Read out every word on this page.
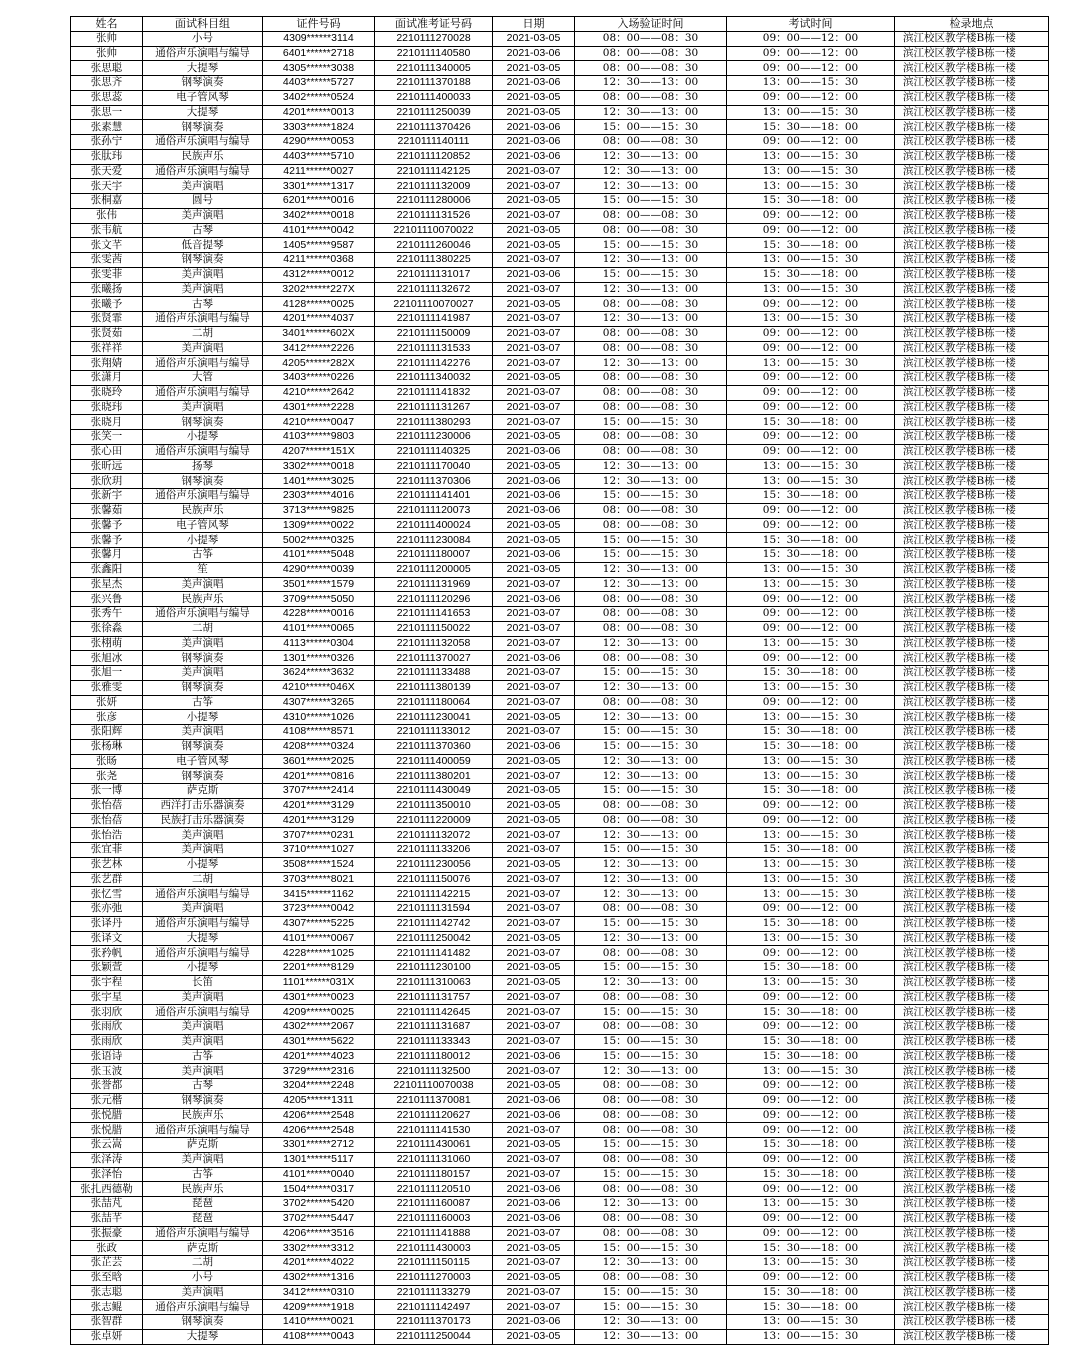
姓名	面试科目组	证件号码	面试准考证号码	日期	入场验证时间	考试时间	检录地点
张帅	小号	4309******3114	2210111270028	2021-03-05	08：00——08：30	09：00——12：00	滨江校区教学楼B栋一楼
张帅	通俗声乐演唱与编导	6401******2718	2210111140580	2021-03-06	08：00——08：30	09：00——12：00	滨江校区教学楼B栋一楼
张思聪	大提琴	4305******3038	2210111340005	2021-03-05	08：00——08：30	09：00——12：00	滨江校区教学楼B栋一楼
张思齐	钢琴演奏	4403******5727	2210111370188	2021-03-06	12：30——13：00	13：00——15：30	滨江校区教学楼B栋一楼
张思蕊	电子管风琴	3402******0524	2210111400033	2021-03-05	08：00——08：30	09：00——12：00	滨江校区教学楼B栋一楼
张思一	大提琴	4201******0013	2210111250039	2021-03-05	12：30——13：00	13：00——15：30	滨江校区教学楼B栋一楼
张素慧	钢琴演奏	3303******1824	2210111370426	2021-03-06	15：00——15：30	15：30——18：00	滨江校区教学楼B栋一楼
张孙宁	通俗声乐演唱与编导	4290******0053	2210111140111	2021-03-06	08：00——08：30	09：00——12：00	滨江校区教学楼B栋一楼
张肽玮	民族声乐	4403******5710	2210111120852	2021-03-06	12：30——13：00	13：00——15：30	滨江校区教学楼B栋一楼
张天爱	通俗声乐演唱与编导	4211******0027	2210111142125	2021-03-07	12：30——13：00	13：00——15：30	滨江校区教学楼B栋一楼
张天宇	美声演唱	3301******1317	2210111132009	2021-03-07	12：30——13：00	13：00——15：30	滨江校区教学楼B栋一楼
张桐嘉	圆号	6201******0016	2210111280006	2021-03-05	15：00——15：30	15：30——18：00	滨江校区教学楼B栋一楼
张伟	美声演唱	3402******0018	2210111131526	2021-03-07	08：00——08：30	09：00——12：00	滨江校区教学楼B栋一楼
张韦航	古琴	4101******0042	22101110070022	2021-03-05	08：00——08：30	09：00——12：00	滨江校区教学楼B栋一楼
张文芊	低音提琴	1405******9587	2210111260046	2021-03-05	15：00——15：30	15：30——18：00	滨江校区教学楼B栋一楼
张雯茜	钢琴演奏	4211******0368	2210111380225	2021-03-07	12：30——13：00	13：00——15：30	滨江校区教学楼B栋一楼
张雯菲	美声演唱	4312******0012	2210111131017	2021-03-06	15：00——15：30	15：30——18：00	滨江校区教学楼B栋一楼
张曦扬	美声演唱	3202******227X	2210111132672	2021-03-07	12：30——13：00	13：00——15：30	滨江校区教学楼B栋一楼
张曦予	古琴	4128******0025	22101110070027	2021-03-05	08：00——08：30	09：00——12：00	滨江校区教学楼B栋一楼
张贤霏	通俗声乐演唱与编导	4201******4037	2210111141987	2021-03-07	12：30——13：00	13：00——15：30	滨江校区教学楼B栋一楼
张贤茹	二胡	3401******602X	2210111150009	2021-03-07	08：00——08：30	09：00——12：00	滨江校区教学楼B栋一楼
张祥祥	美声演唱	3412******2226	2210111131533	2021-03-07	08：00——08：30	09：00——12：00	滨江校区教学楼B栋一楼
张翔婧	通俗声乐演唱与编导	4205******282X	2210111142276	2021-03-07	12：30——13：00	13：00——15：30	滨江校区教学楼B栋一楼
张潇月	大管	3403******0226	2210111340032	2021-03-05	08：00——08：30	09：00——12：00	滨江校区教学楼B栋一楼
张晓玲	通俗声乐演唱与编导	4210******2642	2210111141832	2021-03-07	08：00——08：30	09：00——12：00	滨江校区教学楼B栋一楼
张晓玮	美声演唱	4301******2228	2210111131267	2021-03-07	08：00——08：30	09：00——12：00	滨江校区教学楼B栋一楼
张晓月	钢琴演奏	4210******0047	2210111380293	2021-03-07	15：00——15：30	15：30——18：00	滨江校区教学楼B栋一楼
张笑一	小提琴	4103******9803	2210111230006	2021-03-05	08：00——08：30	09：00——12：00	滨江校区教学楼B栋一楼
张心田	通俗声乐演唱与编导	4207******151X	2210111140325	2021-03-06	08：00——08：30	09：00——12：00	滨江校区教学楼B栋一楼
张昕远	扬琴	3302******0018	2210111170040	2021-03-05	12：30——13：00	13：00——15：30	滨江校区教学楼B栋一楼
张欣玥	钢琴演奏	1401******3025	2210111370306	2021-03-06	12：30——13：00	13：00——15：30	滨江校区教学楼B栋一楼
张新宇	通俗声乐演唱与编导	2303******4016	2210111141401	2021-03-06	15：00——15：30	15：30——18：00	滨江校区教学楼B栋一楼
张馨茹	民族声乐	3713******9825	2210111120073	2021-03-06	08：00——08：30	09：00——12：00	滨江校区教学楼B栋一楼
张馨予	电子管风琴	1309******0022	2210111400024	2021-03-05	08：00——08：30	09：00——12：00	滨江校区教学楼B栋一楼
张馨予	小提琴	5002******0325	2210111230084	2021-03-05	15：00——15：30	15：30——18：00	滨江校区教学楼B栋一楼
张馨月	古筝	4101******5048	2210111180007	2021-03-06	15：00——15：30	15：30——18：00	滨江校区教学楼B栋一楼
张鑫阳	笙	4290******0039	2210111200005	2021-03-05	12：30——13：00	13：00——15：30	滨江校区教学楼B栋一楼
张星杰	美声演唱	3501******1579	2210111131969	2021-03-07	12：30——13：00	13：00——15：30	滨江校区教学楼B栋一楼
张兴鲁	民族声乐	3709******5050	2210111120296	2021-03-06	08：00——08：30	09：00——12：00	滨江校区教学楼B栋一楼
张秀午	通俗声乐演唱与编导	4228******0016	2210111141653	2021-03-07	08：00——08：30	09：00——12：00	滨江校区教学楼B栋一楼
张徐淼	二胡	4101******0065	2210111150022	2021-03-07	08：00——08：30	09：00——12：00	滨江校区教学楼B栋一楼
张栩萌	美声演唱	4113******0304	2210111132058	2021-03-07	12：30——13：00	13：00——15：30	滨江校区教学楼B栋一楼
张旭冰	钢琴演奏	1301******0326	2210111370027	2021-03-06	08：00——08：30	09：00——12：00	滨江校区教学楼B栋一楼
张旭一	美声演唱	3624******3632	2210111133488	2021-03-07	15：00——15：30	15：30——18：00	滨江校区教学楼B栋一楼
张雅雯	钢琴演奏	4210******046X	2210111380139	2021-03-07	12：30——13：00	13：00——15：30	滨江校区教学楼B栋一楼
张妍	古筝	4307******3265	2210111180064	2021-03-07	08：00——08：30	09：00——12：00	滨江校区教学楼B栋一楼
张彦	小提琴	4310******1026	2210111230041	2021-03-05	12：30——13：00	13：00——15：30	滨江校区教学楼B栋一楼
张阳辉	美声演唱	4108******8571	2210111133012	2021-03-07	15：00——15：30	15：30——18：00	滨江校区教学楼B栋一楼
张杨琳	钢琴演奏	4208******0324	2210111370360	2021-03-06	15：00——15：30	15：30——18：00	滨江校区教学楼B栋一楼
张旸	电子管风琴	3601******2025	2210111400059	2021-03-05	12：30——13：00	13：00——15：30	滨江校区教学楼B栋一楼
张尧	钢琴演奏	4201******0816	2210111380201	2021-03-07	12：30——13：00	13：00——15：30	滨江校区教学楼B栋一楼
张一博	萨克斯	3707******2414	2210111430049	2021-03-05	15：00——15：30	15：30——18：00	滨江校区教学楼B栋一楼
张怡蓓	西洋打击乐器演奏	4201******3129	2210111350010	2021-03-05	08：00——08：30	09：00——12：00	滨江校区教学楼B栋一楼
张怡蓓	民族打击乐器演奏	4201******3129	2210111220009	2021-03-05	08：00——08：30	09：00——12：00	滨江校区教学楼B栋一楼
张怡浩	美声演唱	3707******0231	2210111132072	2021-03-07	12：30——13：00	13：00——15：30	滨江校区教学楼B栋一楼
张宜菲	美声演唱	3710******1027	2210111133206	2021-03-07	15：00——15：30	15：30——18：00	滨江校区教学楼B栋一楼
张艺林	小提琴	3508******1524	2210111230056	2021-03-05	12：30——13：00	13：00——15：30	滨江校区教学楼B栋一楼
张艺群	二胡	3703******8021	2210111150076	2021-03-07	12：30——13：00	13：00——15：30	滨江校区教学楼B栋一楼
张忆雪	通俗声乐演唱与编导	3415******1162	2210111142215	2021-03-07	12：30——13：00	13：00——15：30	滨江校区教学楼B栋一楼
张亦弛	美声演唱	3723******0042	2210111131594	2021-03-07	08：00——08：30	09：00——12：00	滨江校区教学楼B栋一楼
张译丹	通俗声乐演唱与编导	4307******5225	2210111142742	2021-03-07	15：00——15：30	15：30——18：00	滨江校区教学楼B栋一楼
张译文	大提琴	4101******0067	2210111250042	2021-03-05	12：30——13：00	13：00——15：30	滨江校区教学楼B栋一楼
张矜帆	通俗声乐演唱与编导	4228******1025	2210111141482	2021-03-07	08：00——08：30	09：00——12：00	滨江校区教学楼B栋一楼
张颖萱	小提琴	2201******8129	2210111230100	2021-03-05	15：00——15：30	15：30——18：00	滨江校区教学楼B栋一楼
张宇程	长笛	1101******031X	2210111310063	2021-03-05	12：30——13：00	13：00——15：30	滨江校区教学楼B栋一楼
张宇星	美声演唱	4301******0023	2210111131757	2021-03-07	08：00——08：30	09：00——12：00	滨江校区教学楼B栋一楼
张羽欣	通俗声乐演唱与编导	4209******0025	2210111142645	2021-03-07	15：00——15：30	15：30——18：00	滨江校区教学楼B栋一楼
张雨欣	美声演唱	4302******2067	2210111131687	2021-03-07	08：00——08：30	09：00——12：00	滨江校区教学楼B栋一楼
张雨欣	美声演唱	4301******5622	2210111133343	2021-03-07	15：00——15：30	15：30——18：00	滨江校区教学楼B栋一楼
张语诗	古筝	4201******4023	2210111180012	2021-03-06	15：00——15：30	15：30——18：00	滨江校区教学楼B栋一楼
张玉波	美声演唱	3729******2316	2210111132500	2021-03-07	12：30——13：00	13：00——15：30	滨江校区教学楼B栋一楼
张誉都	古琴	3204******2248	22101110070038	2021-03-05	08：00——08：30	09：00——12：00	滨江校区教学楼B栋一楼
张元楷	钢琴演奏	4205******1311	2210111370081	2021-03-06	08：00——08：30	09：00——12：00	滨江校区教学楼B栋一楼
张悦腊	民族声乐	4206******2548	2210111120627	2021-03-06	08：00——08：30	09：00——12：00	滨江校区教学楼B栋一楼
张悦腊	通俗声乐演唱与编导	4206******2548	2210111141530	2021-03-07	08：00——08：30	09：00——12：00	滨江校区教学楼B栋一楼
张云嵩	萨克斯	3301******2712	2210111430061	2021-03-05	15：00——15：30	15：30——18：00	滨江校区教学楼B栋一楼
张泽涛	美声演唱	1301******5117	2210111131060	2021-03-07	08：00——08：30	09：00——12：00	滨江校区教学楼B栋一楼
张泽怡	古筝	4101******0040	2210111180157	2021-03-07	15：00——15：30	15：30——18：00	滨江校区教学楼B栋一楼
张扎西德勒	民族声乐	1504******0317	2210111120510	2021-03-06	08：00——08：30	09：00——12：00	滨江校区教学楼B栋一楼
张喆芃	琵琶	3702******5420	2210111160087	2021-03-06	12：30——13：00	13：00——15：30	滨江校区教学楼B栋一楼
张喆芊	琵琶	3702******5447	2210111160003	2021-03-06	08：00——08：30	09：00——12：00	滨江校区教学楼B栋一楼
张振豪	通俗声乐演唱与编导	4206******3516	2210111141888	2021-03-07	08：00——08：30	09：00——12：00	滨江校区教学楼B栋一楼
张政	萨克斯	3302******3312	2210111430003	2021-03-05	15：00——15：30	15：30——18：00	滨江校区教学楼B栋一楼
张芷芸	二胡	4201******4022	2210111150115	2021-03-07	12：30——13：00	13：00——15：30	滨江校区教学楼B栋一楼
张至晗	小号	4302******1316	2210111270003	2021-03-05	08：00——08：30	09：00——12：00	滨江校区教学楼B栋一楼
张志聪	美声演唱	3412******0310	2210111133279	2021-03-07	15：00——15：30	15：30——18：00	滨江校区教学楼B栋一楼
张志鲲	通俗声乐演唱与编导	4209******1918	2210111142497	2021-03-07	15：00——15：30	15：30——18：00	滨江校区教学楼B栋一楼
张智群	钢琴演奏	1410******0021	2210111370173	2021-03-06	12：30——13：00	13：00——15：30	滨江校区教学楼B栋一楼
张卓妍	大提琴	4108******0043	2210111250044	2021-03-05	12：30——13：00	13：00——15：30	滨江校区教学楼B栋一楼
